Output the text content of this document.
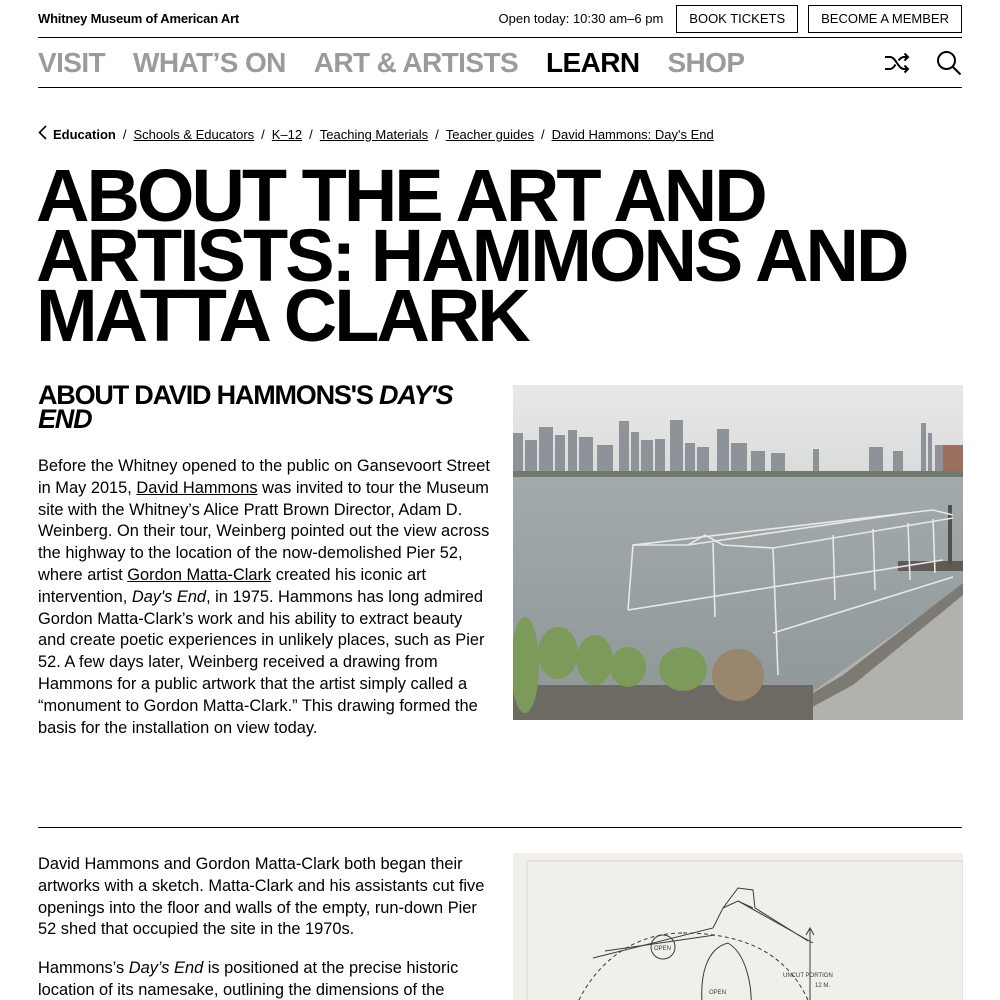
Whitney Museum of American Art	Open today: 10:30 am–6 pm	BOOK TICKETS	BECOME A MEMBER
VISIT WHAT’S ON ART & ARTISTS LEARN SHOP
Education / Schools & Educators / K–12 / Teaching Materials / Teacher guides / David Hammons: Day's End
ABOUT THE ART AND ARTISTS: HAMMONS AND MATTA CLARK
ABOUT DAVID HAMMONS'S DAY'S END

Before the Whitney opened to the public on Gansevoort Street in May 2015, David Hammons was invited to tour the Museum site with the Whitney’s Alice Pratt Brown Director, Adam D. Weinberg. On their tour, Weinberg pointed out the view across the highway to the location of the now-demolished Pier 52, where artist Gordon Matta-Clark created his iconic art intervention, Day's End, in 1975. Hammons has long admired Gordon Matta-Clark’s work and his ability to extract beauty and create poetic experiences in unlikely places, such as Pier 52. A few days later, Weinberg received a drawing from Hammons for a public artwork that the artist simply called a “monument to Gordon Matta-Clark.” This drawing formed the basis for the installation on view today.

David Hammons and Gordon Matta-Clark both began their artworks with a sketch. Matta-Clark and his assistants cut five openings into the floor and walls of the empty, run-down Pier 52 shed that occupied the site in the 1970s.

Hammons’s Day’s End is positioned at the precise historic location of its namesake, outlining the dimensions of the

OPEN
OPEN
UNCUT PORTION
12 M.
